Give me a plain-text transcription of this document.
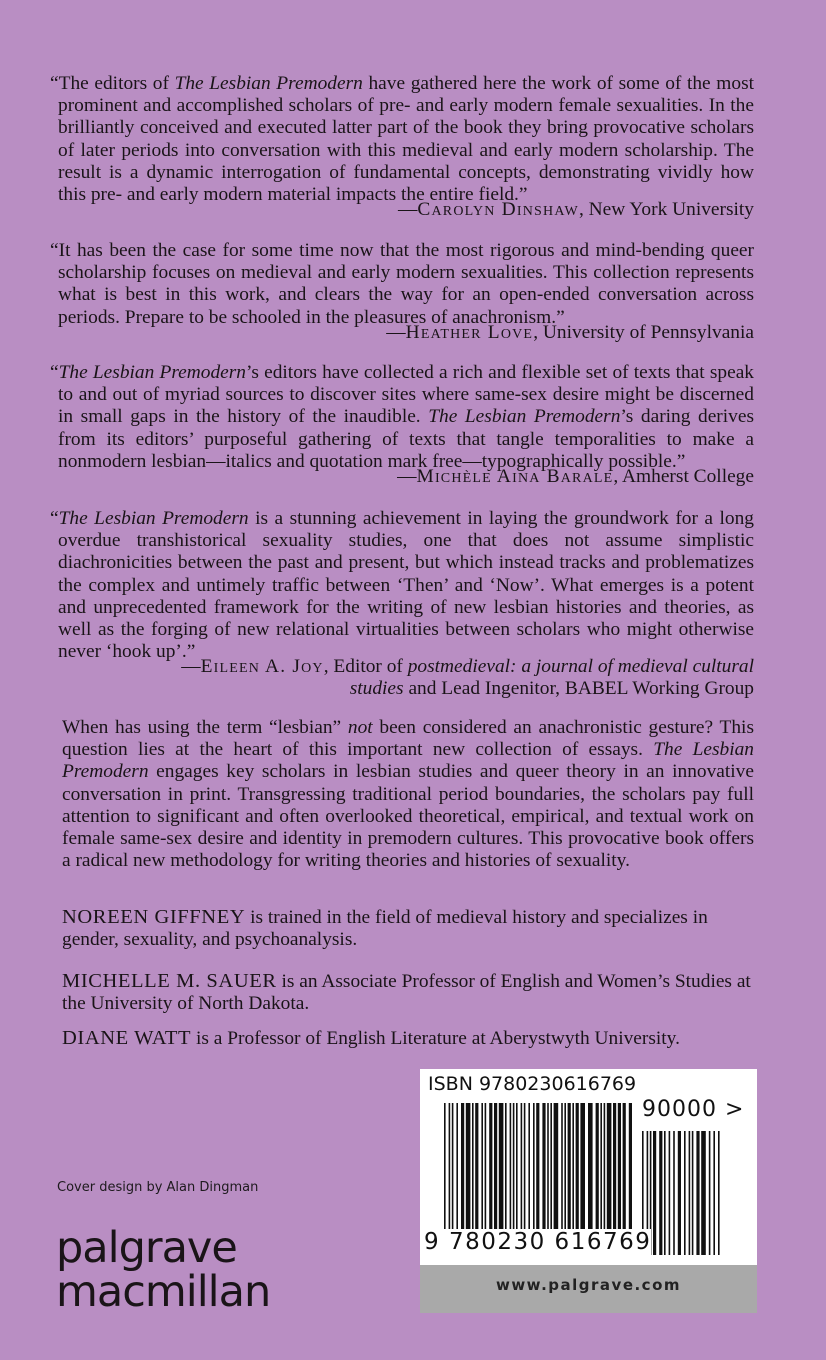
“The editors of The Lesbian Premodern have gathered here the work of some of the most prominent and accomplished scholars of pre- and early modern female sexualities. In the brilliantly conceived and executed latter part of the book they bring provocative scholars of later periods into conversation with this medieval and early modern scholarship. The result is a dynamic interrogation of fundamental concepts, demonstrating vividly how this pre- and early modern material impacts the entire field.”

—Carolyn Dinshaw, New York University

“It has been the case for some time now that the most rigorous and mind-bending queer scholarship focuses on medieval and early modern sexualities. This collection represents what is best in this work, and clears the way for an open-ended conversation across periods. Prepare to be schooled in the pleasures of anachronism.”

—Heather Love, University of Pennsylvania

“The Lesbian Premodern’s editors have collected a rich and flexible set of texts that speak to and out of myriad sources to discover sites where same-sex desire might be discerned in small gaps in the history of the inaudible. The Lesbian Premodern’s daring derives from its editors’ purposeful gathering of texts that tangle temporalities to make a nonmodern lesbian—italics and quotation mark free—typographically possible.”

—Michèle Aina Barale, Amherst College

“The Lesbian Premodern is a stunning achievement in laying the groundwork for a long overdue transhistorical sexuality studies, one that does not assume simplistic diachronicities between the past and present, but which instead tracks and problematizes the complex and untimely traffic between ‘Then’ and ‘Now’. What emerges is a potent and unprecedented framework for the writing of new lesbian histories and theories, as well as the forging of new relational virtualities between scholars who might otherwise never ‘hook up’.”

—Eileen A. Joy, Editor of postmedieval: a journal of medieval cultural
studies and Lead Ingenitor, BABEL Working Group

When has using the term “lesbian” not been considered an anachronistic gesture? This question lies at the heart of this important new collection of essays. The Lesbian Premodern engages key scholars in lesbian studies and queer theory in an innovative conversation in print. Transgressing traditional period boundaries, the scholars pay full attention to significant and often overlooked theoretical, empirical, and textual work on female same-sex desire and identity in premodern cultures. This provocative book offers a radical new methodology for writing theories and histories of sexuality.

NOREEN GIFFNEY is trained in the field of medieval history and specializes in gender, sexuality, and psychoanalysis.

MICHELLE M. SAUER is an Associate Professor of English and Women’s Studies at the University of North Dakota.

DIANE WATT is a Professor of English Literature at Aberystwyth University.

Cover design by Alan Dingman
palgrave
macmillan
ISBN 9780230616769
90000 >
9 780230 616769
www.palgrave.com
